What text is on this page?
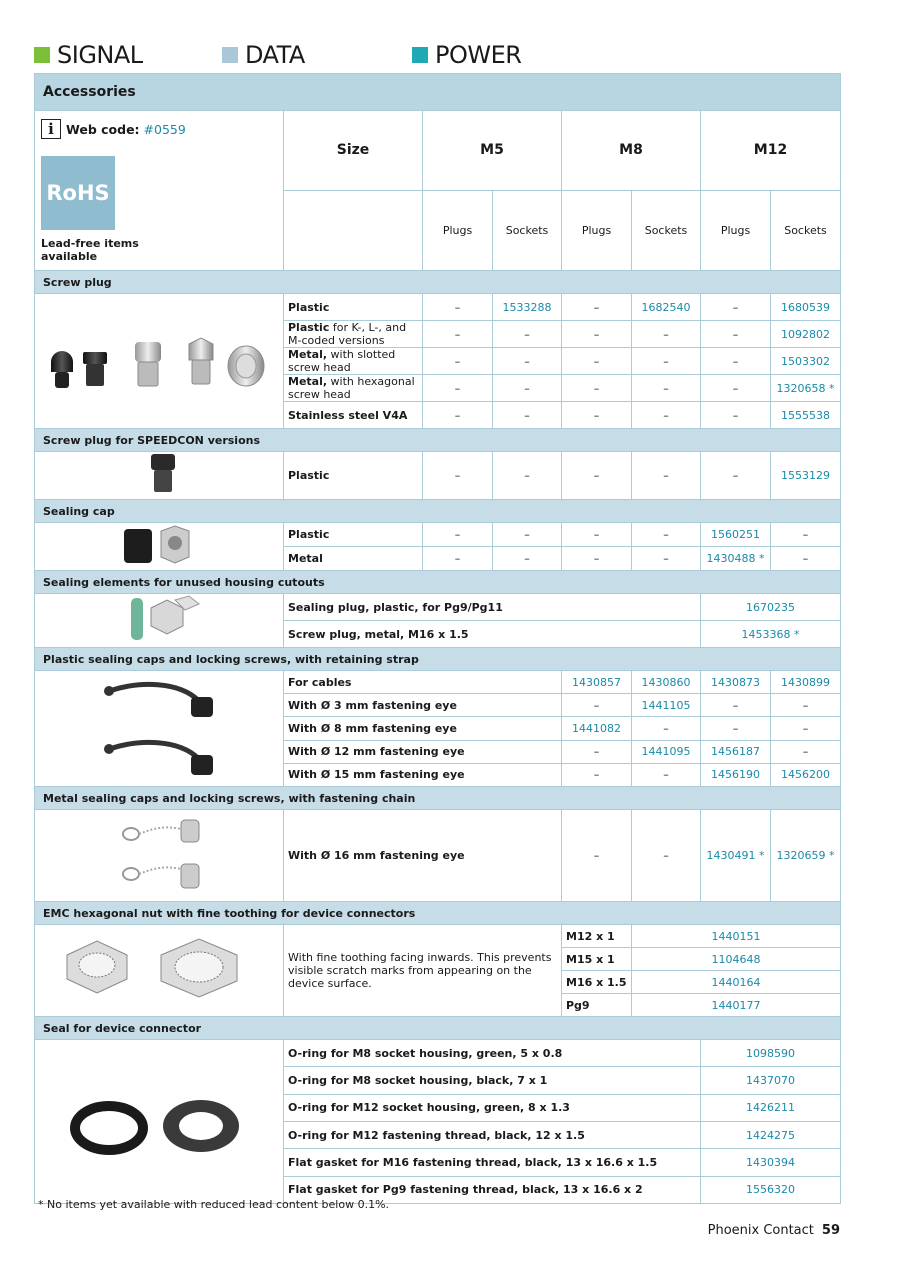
SIGNAL	DATA	POWER
Accessories							

i Web code: #0559
RoHS
Lead-free items available	Size	M5		M8		M12	
		Plugs	Sockets	Plugs	Sockets	Plugs	Sockets
Screw plug							
	Plastic	–	1533288	–	1682540	–	1680539
	Plastic for K-, L-, and M-coded versions	–	–	–	–	–	1092802
	Metal, with slotted screw head	–	–	–	–	–	1503302
	Metal, with hexagonal screw head	–	–	–	–	–	1320658 *
	Stainless steel V4A	–	–	–	–	–	1555538
Screw plug for SPEEDCON versions							
	Plastic	–	–	–	–	–	1553129
Sealing cap							
	Plastic	–	–	–	–	1560251	–
	Metal	–	–	–	–	1430488 *	–
Sealing elements for unused housing cutouts							
	Sealing plug, plastic, for Pg9/Pg11					1670235	
	Screw plug, metal, M16 x 1.5					1453368 *	
Plastic sealing caps and locking screws, with retaining strap							
	For cables			1430857	1430860	1430873	1430899
	With Ø 3 mm fastening eye			–	1441105	–	–
	With Ø 8 mm fastening eye			1441082	–	–	–
	With Ø 12 mm fastening eye			–	1441095	1456187	–
	With Ø 15 mm fastening eye			–	–	1456190	1456200
Metal sealing caps and locking screws, with fastening chain							
	With Ø 16 mm fastening eye			–	–	1430491 *	1320659 *
EMC hexagonal nut with fine toothing for device connectors							
	With fine toothing facing inwards. This prevents visible scratch marks from appearing on the device surface.			M12 x 1	1440151		
				M15 x 1	1104648		
				M16 x 1.5	1440164		
				Pg9	1440177		
Seal for device connector							
	O-ring for M8 socket housing, green, 5 x 0.8					1098590	
	O-ring for M8 socket housing, black, 7 x 1					1437070	
	O-ring for M12 socket housing, green, 8 x 1.3					1426211	
	O-ring for M12 fastening thread, black, 12 x 1.5					1424275	
	Flat gasket for M16 fastening thread, black, 13 x 16.6 x 1.5					1430394	
	Flat gasket for Pg9 fastening thread, black, 13 x 16.6 x 2					1556320	
* No items yet available with reduced lead content below 0.1%.
Phoenix Contact 59
